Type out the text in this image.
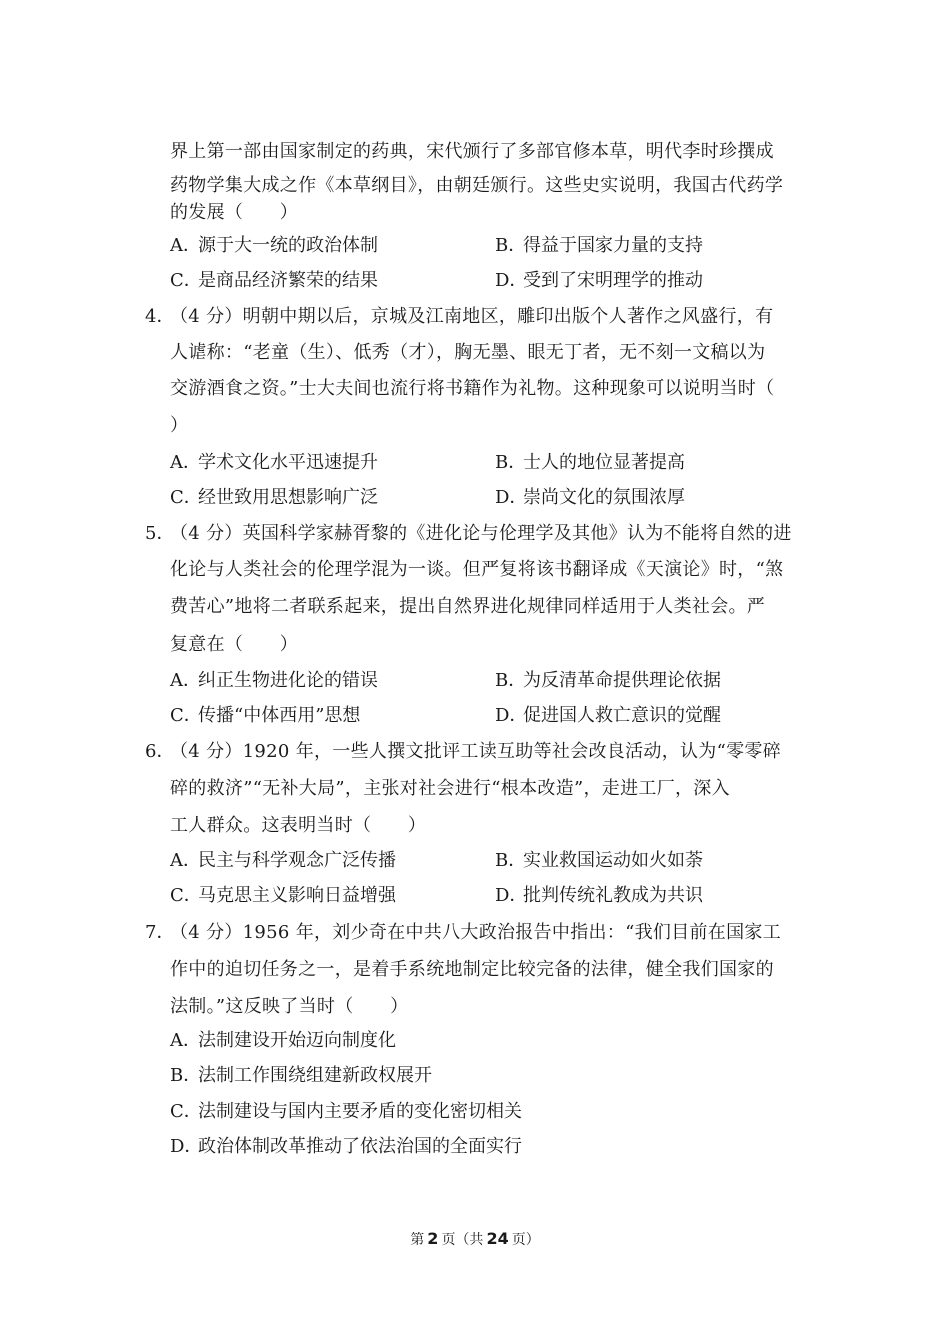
界上第一部由国家制定的药典，宋代颁行了多部官修本草，明代李时珍撰成
药物学集大成之作《本草纲目》，由朝廷颁行。这些史实说明，我国古代药学
的发展（　　）
A．源于大一统的政治体制	B．得益于国家力量的支持
C．是商品经济繁荣的结果	D．受到了宋明理学的推动
4．
（4 分）明朝中期以后，京城及江南地区，雕印出版个人著作之风盛行，有
人谑称：“老童（生）、低秀（才），胸无墨、眼无丁者，无不刻一文稿以为
交游酒食之资。”士大夫间也流行将书籍作为礼物。这种现象可以说明当时（
）
A．学术文化水平迅速提升	B．士人的地位显著提高
C．经世致用思想影响广泛	D．崇尚文化的氛围浓厚
5．
（4 分）英国科学家赫胥黎的《进化论与伦理学及其他》认为不能将自然的进
化论与人类社会的伦理学混为一谈。但严复将该书翻译成《天演论》时，“煞
费苦心”地将二者联系起来，提出自然界进化规律同样适用于人类社会。严
复意在（　　）
A．纠正生物进化论的错误	B．为反清革命提供理论依据
C．传播“中体西用”思想	D．促进国人救亡意识的觉醒
6．
（4 分）1920 年，一些人撰文批评工读互助等社会改良活动，认为“零零碎
碎的救济”“无补大局”，主张对社会进行“根本改造”，走进工厂，深入
工人群众。这表明当时（　　）
A．民主与科学观念广泛传播	B．实业救国运动如火如荼
C．马克思主义影响日益增强	D．批判传统礼教成为共识
7．
（4 分）1956 年，刘少奇在中共八大政治报告中指出：“我们目前在国家工
作中的迫切任务之一，是着手系统地制定比较完备的法律，健全我们国家的
法制。”这反映了当时（　　）
A．法制建设开始迈向制度化
B．法制工作围绕组建新政权展开
C．法制建设与国内主要矛盾的变化密切相关
D．政治体制改革推动了依法治国的全面实行
第 2 页（共 24 页）
